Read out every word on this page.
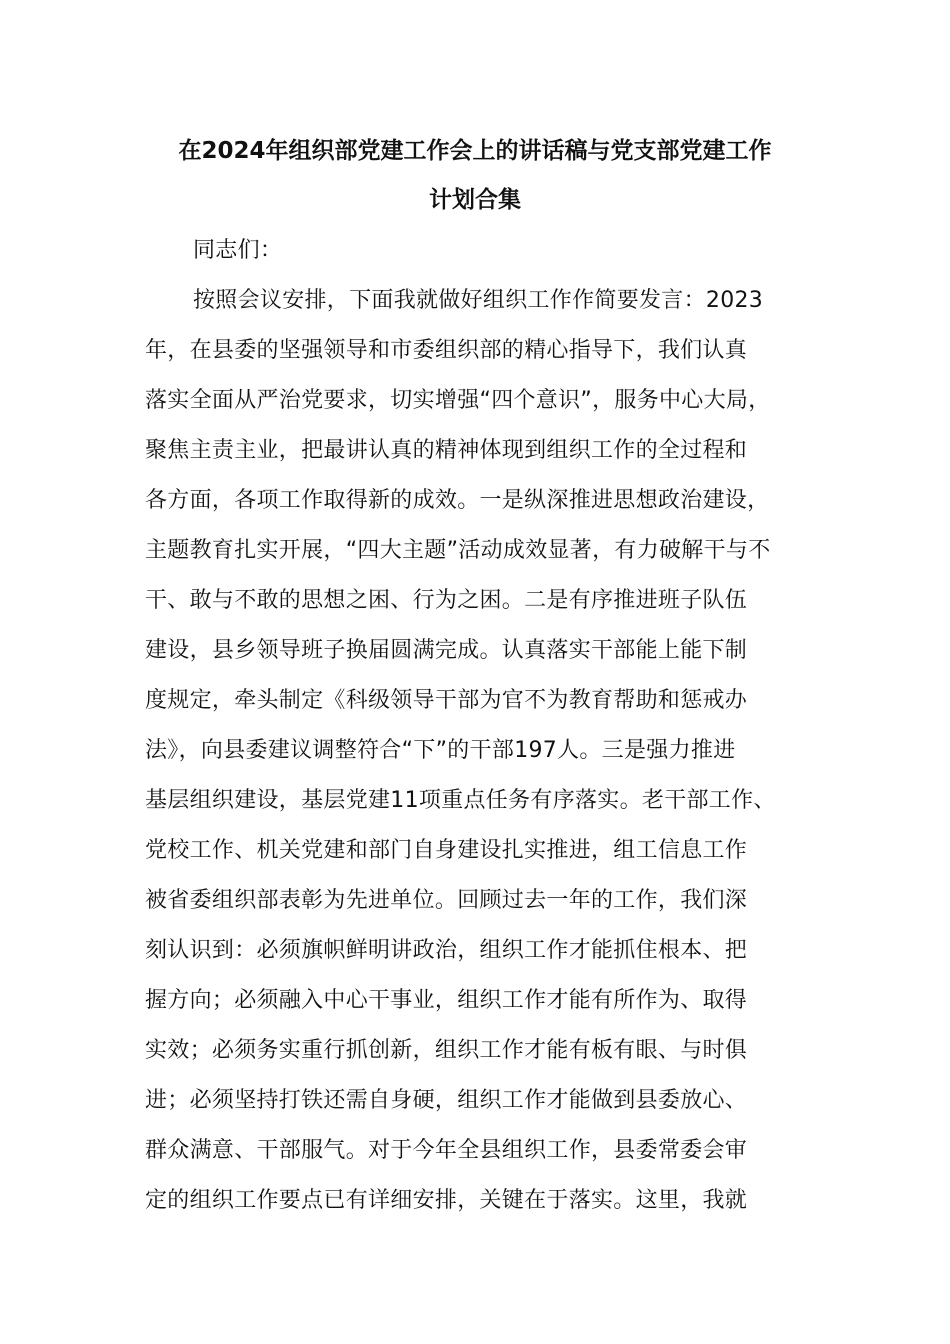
在2024年组织部党建工作会上的讲话稿与党支部党建工作
计划合集
同志们：
按照会议安排，下面我就做好组织工作作简要发言：2023
年，在县委的坚强领导和市委组织部的精心指导下，我们认真
落实全面从严治党要求，切实增强“四个意识”，服务中心大局，
聚焦主责主业，把最讲认真的精神体现到组织工作的全过程和
各方面，各项工作取得新的成效。一是纵深推进思想政治建设，
主题教育扎实开展，“四大主题”活动成效显著，有力破解干与不
干、敢与不敢的思想之困、行为之困。二是有序推进班子队伍
建设，县乡领导班子换届圆满完成。认真落实干部能上能下制
度规定，牵头制定《科级领导干部为官不为教育帮助和惩戒办
法》，向县委建议调整符合“下”的干部197人。三是强力推进
基层组织建设，基层党建11项重点任务有序落实。老干部工作、
党校工作、机关党建和部门自身建设扎实推进，组工信息工作
被省委组织部表彰为先进单位。回顾过去一年的工作，我们深
刻认识到：必须旗帜鲜明讲政治，组织工作才能抓住根本、把
握方向；必须融入中心干事业，组织工作才能有所作为、取得
实效；必须务实重行抓创新，组织工作才能有板有眼、与时俱
进；必须坚持打铁还需自身硬，组织工作才能做到县委放心、
群众满意、干部服气。对于今年全县组织工作，县委常委会审
定的组织工作要点已有详细安排，关键在于落实。这里，我就
